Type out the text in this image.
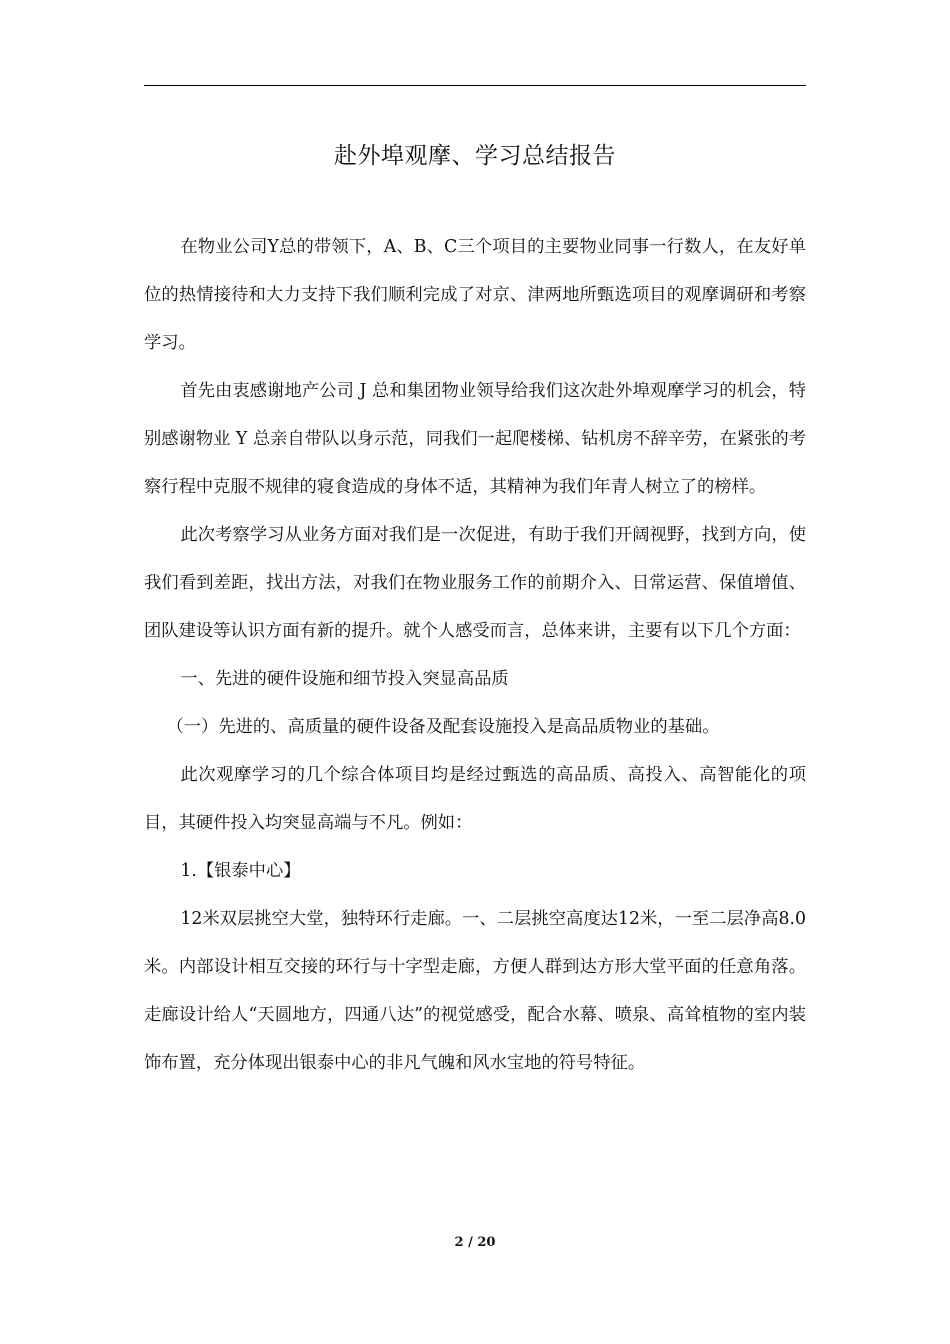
赴外埠观摩、学习总结报告

在物业公司Y总的带领下，A、B、C三个项目的主要物业同事一行数人，在友好单位的热情接待和大力支持下我们顺利完成了对京、津两地所甄选项目的观摩调研和考察学习。

首先由衷感谢地产公司 J 总和集团物业领导给我们这次赴外埠观摩学习的机会，特别感谢物业 Y 总亲自带队以身示范，同我们一起爬楼梯、钻机房不辞辛劳，在紧张的考察行程中克服不规律的寝食造成的身体不适，其精神为我们年青人树立了的榜样。

此次考察学习从业务方面对我们是一次促进，有助于我们开阔视野，找到方向，使我们看到差距，找出方法，对我们在物业服务工作的前期介入、日常运营、保值增值、团队建设等认识方面有新的提升。就个人感受而言，总体来讲，主要有以下几个方面：

一、先进的硬件设施和细节投入突显高品质

（一）先进的、高质量的硬件设备及配套设施投入是高品质物业的基础。

此次观摩学习的几个综合体项目均是经过甄选的高品质、高投入、高智能化的项目，其硬件投入均突显高端与不凡。例如：

1.【银泰中心】

12米双层挑空大堂，独特环行走廊。一、二层挑空高度达12米，一至二层净高8.0米。内部设计相互交接的环行与十字型走廊，方便人群到达方形大堂平面的任意角落。走廊设计给人“天圆地方，四通八达”的视觉感受，配合水幕、喷泉、高耸植物的室内装饰布置，充分体现出银泰中心的非凡气魄和风水宝地的符号特征。

2 / 20
